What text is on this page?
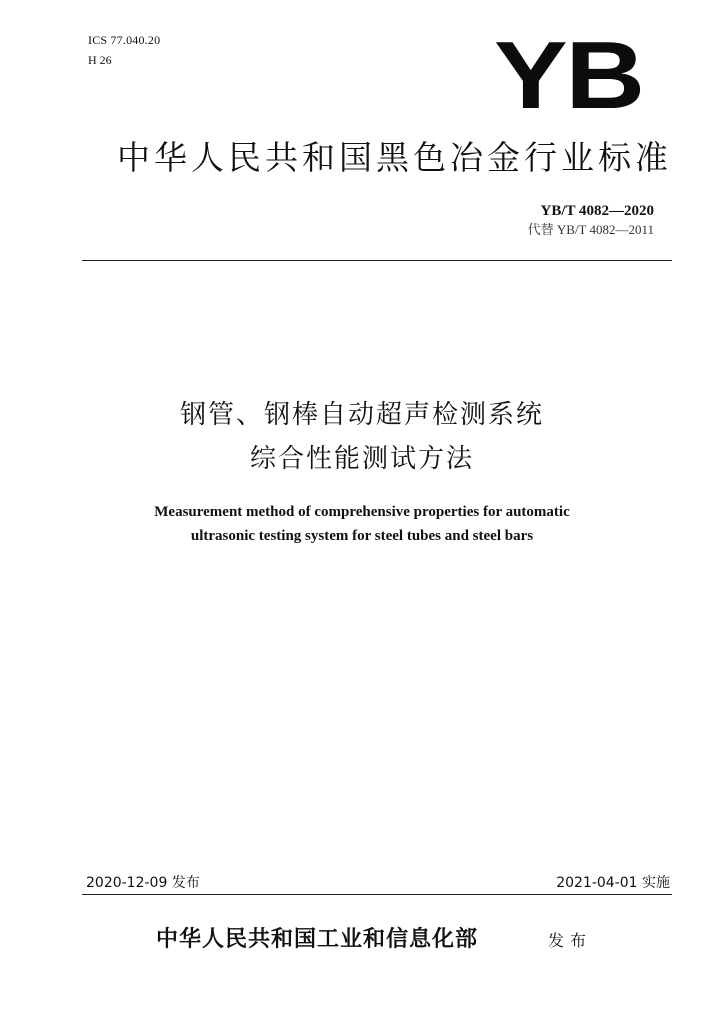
ICS 77.040.20
H 26	YB
中华人民共和国黑色冶金行业标准
YB/T 4082—2020
代替 YB/T 4082—2011
钢管、钢棒自动超声检测系统
综合性能测试方法
Measurement method of comprehensive properties for automatic
ultrasonic testing system for steel tubes and steel bars
2020-12-09 发布	2021-04-01 实施
中华人民共和国工业和信息化部	发布
